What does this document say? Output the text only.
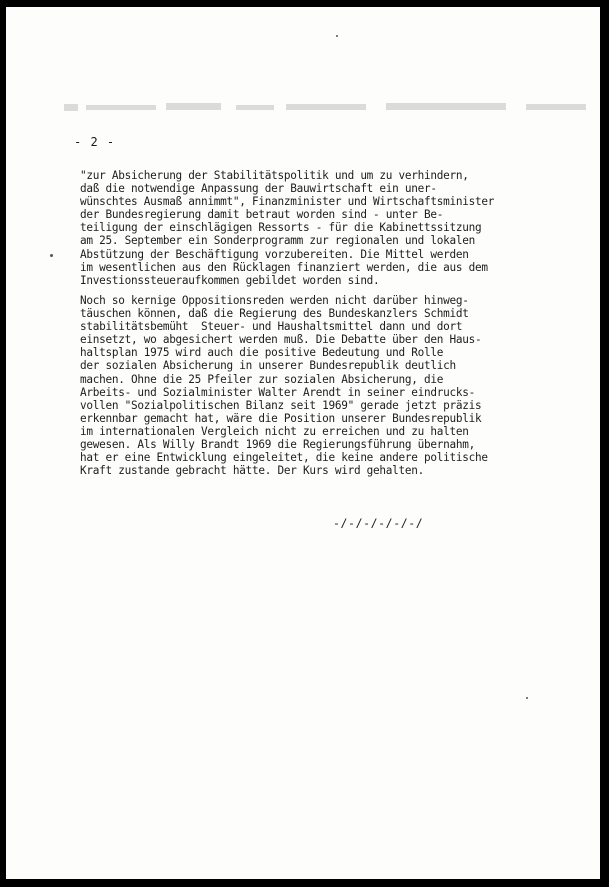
- 2 -
"zur Absicherung der Stabilitätspolitik und um zu verhindern,
daß die notwendige Anpassung der Bauwirtschaft ein uner-
wünschtes Ausmaß annimmt", Finanzminister und Wirtschaftsminister
der Bundesregierung damit betraut worden sind - unter Be-
teiligung der einschlägigen Ressorts - für die Kabinettssitzung
am 25. September ein Sonderprogramm zur regionalen und lokalen
Abstützung der Beschäftigung vorzubereiten. Die Mittel werden
im wesentlichen aus den Rücklagen finanziert werden, die aus dem
Investionssteueraufkommen gebildet worden sind.
Noch so kernige Oppositionsreden werden nicht darüber hinweg-
täuschen können, daß die Regierung des Bundeskanzlers Schmidt
stabilitätsbemüht  Steuer- und Haushaltsmittel dann und dort
einsetzt, wo abgesichert werden muß. Die Debatte über den Haus-
haltsplan 1975 wird auch die positive Bedeutung und Rolle
der sozialen Absicherung in unserer Bundesrepublik deutlich
machen. Ohne die 25 Pfeiler zur sozialen Absicherung, die
Arbeits- und Sozialminister Walter Arendt in seiner eindrucks-
vollen "Sozialpolitischen Bilanz seit 1969" gerade jetzt präzis
erkennbar gemacht hat, wäre die Position unserer Bundesrepublik
im internationalen Vergleich nicht zu erreichen und zu halten
gewesen. Als Willy Brandt 1969 die Regierungsführung übernahm,
hat er eine Entwicklung eingeleitet, die keine andere politische
Kraft zustande gebracht hätte. Der Kurs wird gehalten.
-/-/-/-/-/-/
